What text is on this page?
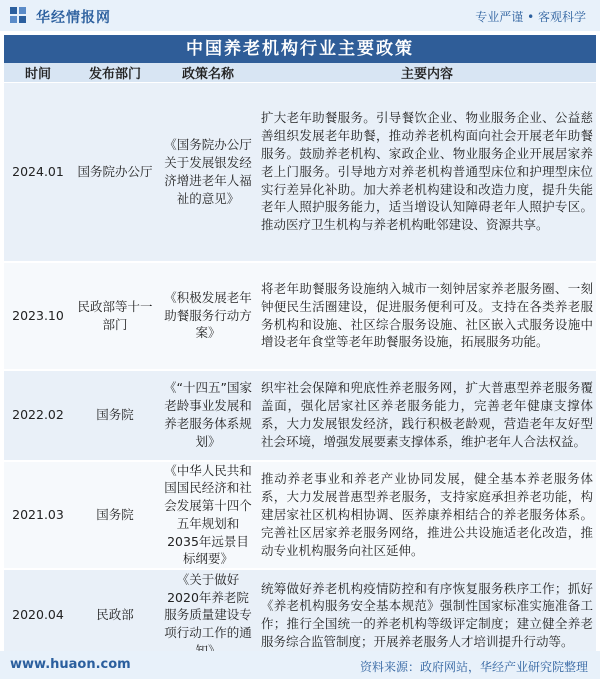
华经情报网	专业严谨 • 客观科学
中国养老机构行业主要政策
时间	发布部门	政策名称	主要内容
2024.01	国务院办公厅	《国务院办公厅关于发展银发经济增进老年人福祉的意见》	扩大老年助餐服务。引导餐饮企业、物业服务企业、公益慈善组织发展老年助餐，推动养老机构面向社会开展老年助餐服务。鼓励养老机构、家政企业、物业服务企业开展居家养老上门服务。引导地方对养老机构普通型床位和护理型床位实行差异化补助。加大养老机构建设和改造力度，提升失能老年人照护服务能力，适当增设认知障碍老年人照护专区。推动医疗卫生机构与养老机构毗邻建设、资源共享。
2023.10	民政部等十一部门	《积极发展老年助餐服务行动方案》	将老年助餐服务设施纳入城市一刻钟居家养老服务圈、一刻钟便民生活圈建设，促进服务便利可及。支持在各类养老服务机构和设施、社区综合服务设施、社区嵌入式服务设施中增设老年食堂等老年助餐服务设施，拓展服务功能。
2022.02	国务院	《“十四五”国家老龄事业发展和养老服务体系规划》	织牢社会保障和兜底性养老服务网，扩大普惠型养老服务覆盖面，强化居家社区养老服务能力，完善老年健康支撑体系，大力发展银发经济，践行积极老龄观，营造老年友好型社会环境，增强发展要素支撑体系，维护老年人合法权益。
2021.03	国务院	《中华人民共和国国民经济和社会发展第十四个五年规划和2035年远景目标纲要》	推动养老事业和养老产业协同发展，健全基本养老服务体系，大力发展普惠型养老服务，支持家庭承担养老功能，构建居家社区机构相协调、医养康养相结合的养老服务体系。完善社区居家养老服务网络，推进公共设施适老化改造，推动专业机构服务向社区延伸。
2020.04	民政部	《关于做好2020年养老院服务质量建设专项行动工作的通	统筹做好养老机构疫情防控和有序恢复服务秩序工作；抓好《养老机构服务安全基本规范》强制性国家标准实施准备工作；推行全国统一的养老机构等级评定制度；建立健全养老服务综合监管制度；开展养老服务人才培训提升行动等。
www.huaon.com	资料来源：政府网站，华经产业研究院整理
